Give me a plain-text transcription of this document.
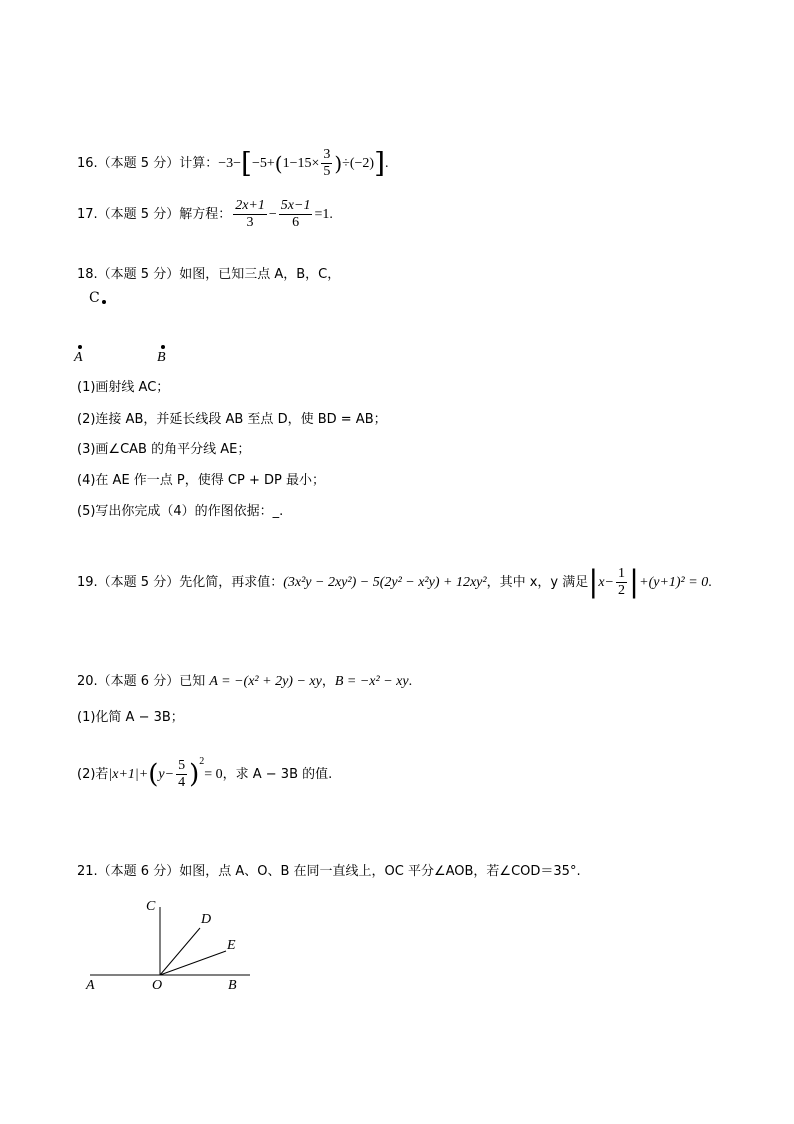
16.（本题 5 分）计算：$-3-[-5+(1-15\times \frac{3}{5} )\div(-2)]$.
17.（本题 5 分）解方程： $\frac{2x+1}{3} - \frac{5x-1}{6} =1$.
18.（本题 5 分）如图，已知三点 A，B，C，
C
A	B
(1)画射线 AC；
(2)连接 AB，并延长线段 AB 至点 D，使 BD = AB；
(3)画∠CAB 的角平分线 AE；
(4)在 AE 作一点 P，使得 CP + DP 最小；
(5)写出你完成（4）的作图依据：_.
19.（本题 5 分）先化简，再求值：(3x²y − 2xy²) − 5(2y² − x²y) + 12xy²，其中 x，y 满足$|x- \frac{1}{2} |+(y+1)^2 = 0$.
20.（本题 6 分）已知 A = −(x² + 2y) − xy，B = −x² − xy.
(1)化简 A − 3B；
(2)若$|x+1|+(y- \frac{5}{4} )^2= 0$，求 A − 3B 的值.
21.（本题 6 分）如图，点 A、O、B 在同一直线上，OC 平分∠AOB，若∠COD＝35°.
C
D
E
A	O	B
